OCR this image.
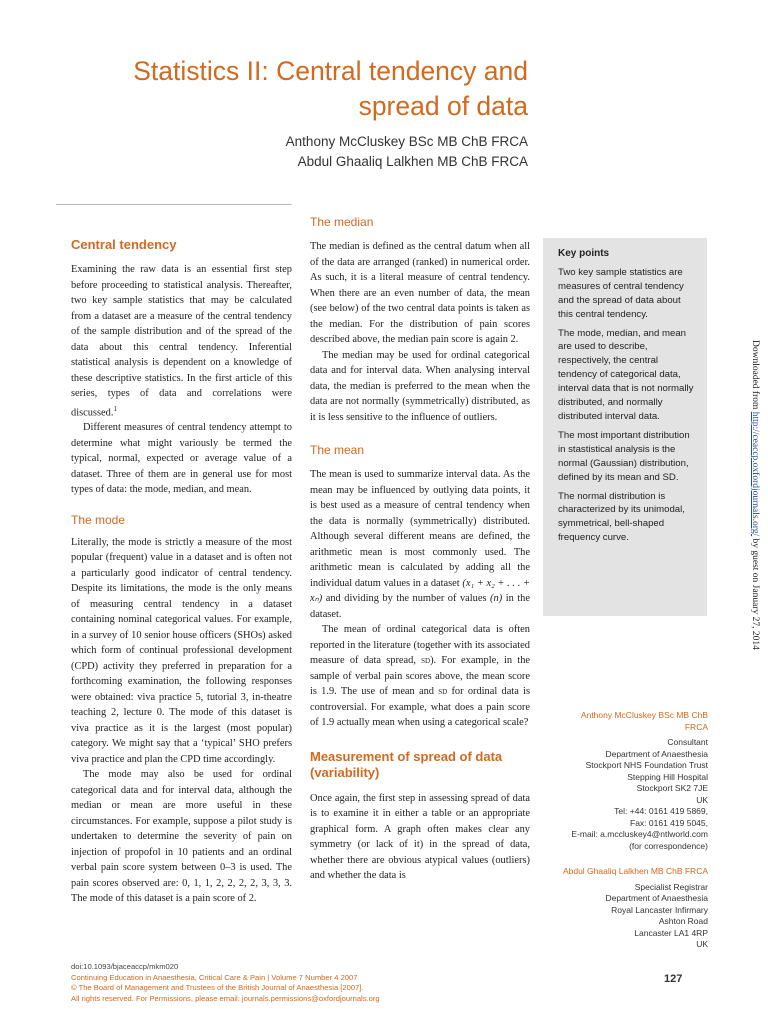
Statistics II: Central tendency and
spread of data
Anthony McCluskey BSc MB ChB FRCA
Abdul Ghaaliq Lalkhen MB ChB FRCA
Central tendency

Examining the raw data is an essential first step before proceeding to statistical analysis. Thereafter, two key sample statistics that may be calculated from a dataset are a measure of the central tendency of the sample distribution and of the spread of the data about this central tendency. Inferential statistical analysis is dependent on a knowledge of these descriptive statistics. In the first article of this series, types of data and correlations were discussed.$^1$

Different measures of central tendency attempt to determine what might variously be termed the typical, normal, expected or average value of a dataset. Three of them are in general use for most types of data: the mode, median, and mean.

The mode

Literally, the mode is strictly a measure of the most popular (frequent) value in a dataset and is often not a particularly good indicator of central tendency. Despite its limitations, the mode is the only means of measuring central tendency in a dataset containing nominal categorical values. For example, in a survey of 10 senior house officers (SHOs) asked which form of continual professional development (CPD) activity they preferred in preparation for a forthcoming examination, the following responses were obtained: viva practice 5, tutorial 3, in-theatre teaching 2, lecture 0. The mode of this dataset is viva practice as it is the largest (most popular) category. We might say that a ‘typical’ SHO prefers viva practice and plan the CPD time accordingly.

The mode may also be used for ordinal categorical data and for interval data, although the median or mean are more useful in these circumstances. For example, suppose a pilot study is undertaken to determine the severity of pain on injection of propofol in 10 patients and an ordinal verbal pain score system between 0–3 is used. The pain scores observed are: 0, 1, 1, 2, 2, 2, 2, 3, 3, 3. The mode of this dataset is a pain score of 2.

The median

The median is defined as the central datum when all of the data are arranged (ranked) in numerical order. As such, it is a literal measure of central tendency. When there are an even number of data, the mean (see below) of the two central data points is taken as the median. For the distribution of pain scores described above, the median pain score is again 2.

The median may be used for ordinal categorical data and for interval data. When analysing interval data, the median is preferred to the mean when the data are not normally (symmetrically) distributed, as it is less sensitive to the influence of outliers.

The mean

The mean is used to summarize interval data. As the mean may be influenced by outlying data points, it is best used as a measure of central tendency when the data is normally (symmetrically) distributed. Although several different means are defined, the arithmetic mean is most commonly used. The arithmetic mean is calculated by adding all the individual datum values in a dataset (x₁ + x₂ + . . . + xₙ) and dividing by the number of values (n) in the dataset.

The mean of ordinal categorical data is often reported in the literature (together with its associated measure of data spread, sd). For example, in the sample of verbal pain scores above, the mean score is 1.9. The use of mean and sd for ordinal data is controversial. For example, what does a pain score of 1.9 actually mean when using a categorical scale?

Measurement of spread of data (variability)

Once again, the first step in assessing spread of data is to examine it in either a table or an appropriate graphical form. A graph often makes clear any symmetry (or lack of it) in the spread of data, whether there are obvious atypical values (outliers) and whether the data is

Key points

Two key sample statistics are measures of central tendency and the spread of data about this central tendency.

The mode, median, and mean are used to describe, respectively, the central tendency of categorical data, interval data that is not normally distributed, and normally distributed interval data.

The most important distribution in stastistical analysis is the normal (Gaussian) distribution, defined by its mean and SD.

The normal distribution is characterized by its unimodal, symmetrical, bell-shaped frequency curve.

Downloaded from http://ceaccp.oxfordjournals.org/ by guest on January 27, 2014
Anthony McCluskey BSc MB ChB
FRCA
Consultant
Department of Anaesthesia
Stockport NHS Foundation Trust
Stepping Hill Hospital
Stockport SK2 7JE
UK
Tel: +44: 0161 419 5869,
Fax: 0161 419 5045,
E-mail: a.mccluskey4@ntlworld.com
(for correspondence)
Abdul Ghaaliq Lalkhen MB ChB FRCA
Specialist Registrar
Department of Anaesthesia
Royal Lancaster Infirmary
Ashton Road
Lancaster LA1 4RP
UK
doi:10.1093/bjaceaccp/mkm020
Continuing Education in Anaesthesia, Critical Care & Pain | Volume 7 Number 4 2007
© The Board of Management and Trustees of the British Journal of Anaesthesia [2007].
All rights reserved. For Permissions, please email: journals.permissions@oxfordjournals.org
127
